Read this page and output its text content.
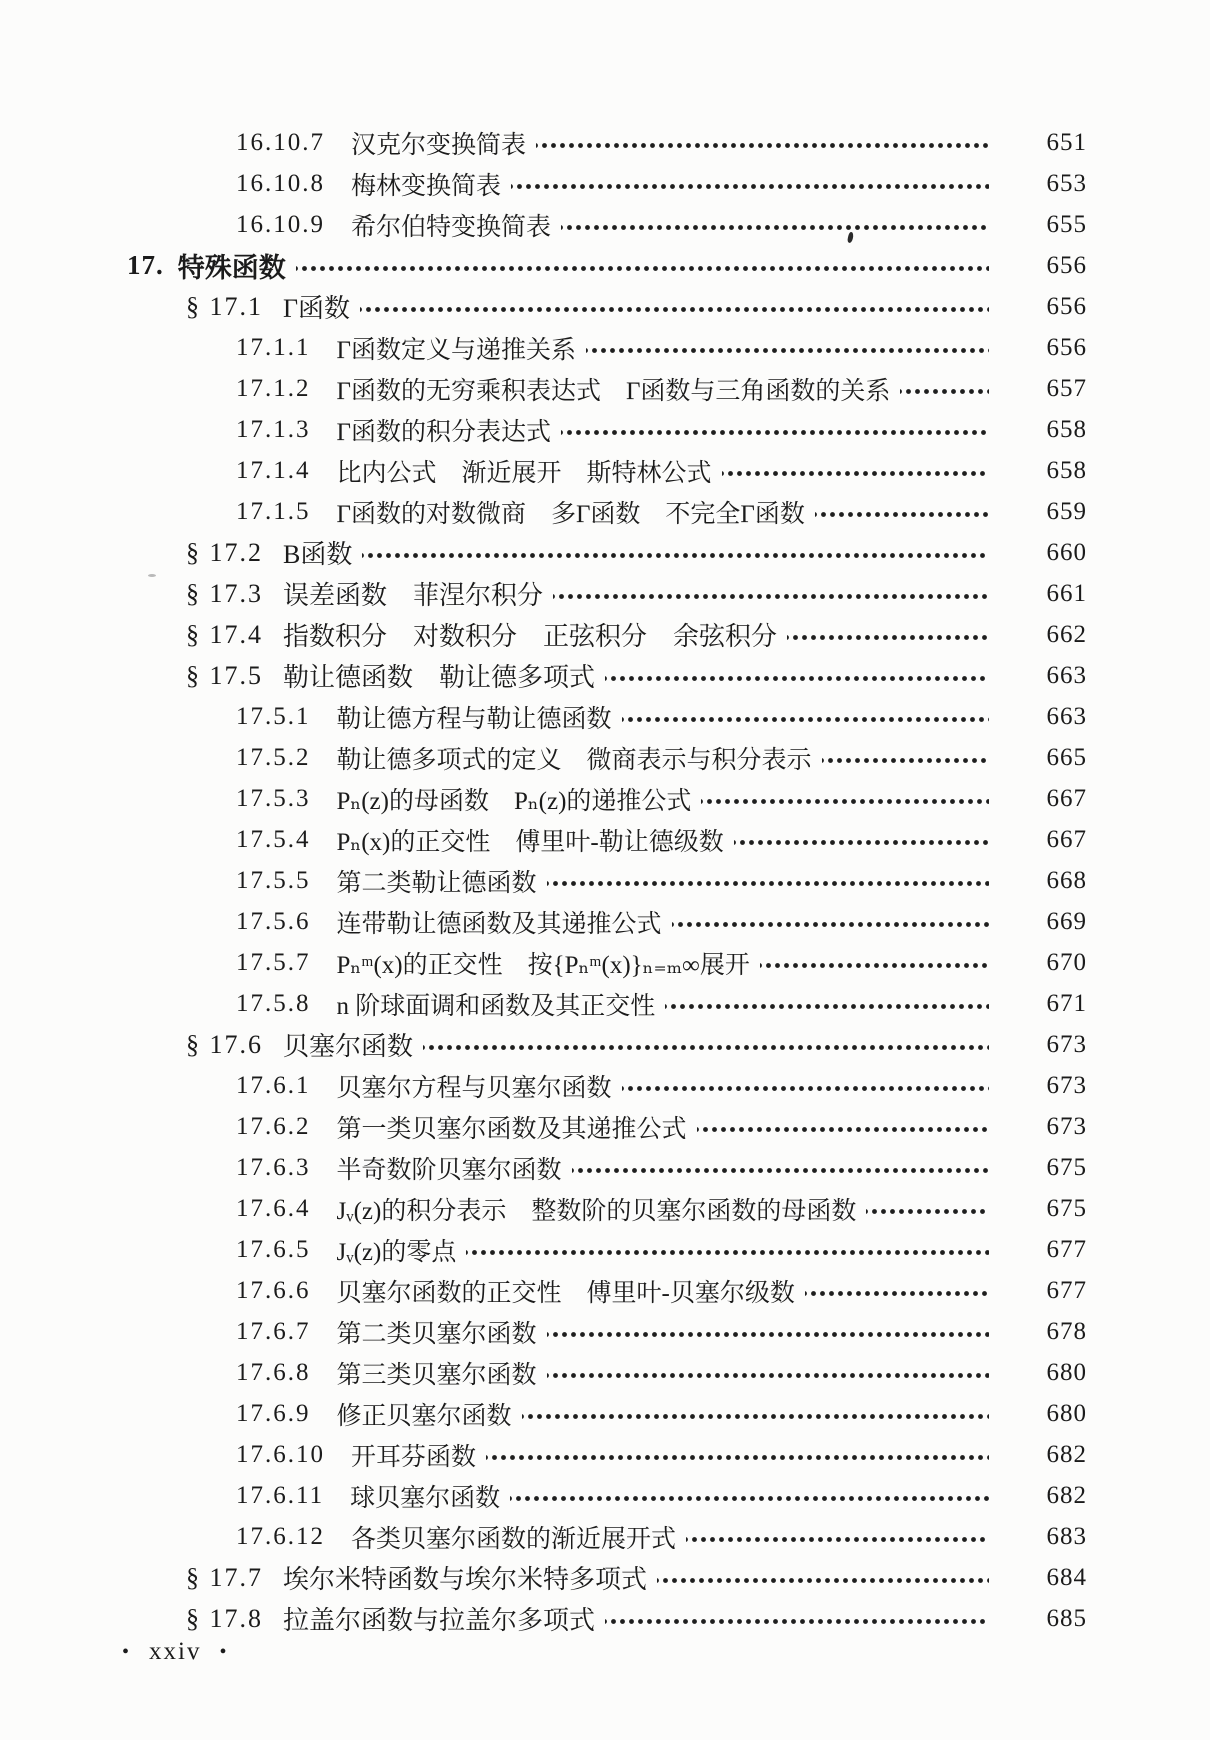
16.10.7 汉克尔变换简表	651
16.10.8 梅林变换简表	653
16.10.9 希尔伯特变换简表	655
17. 特殊函数	656
§ 17.1 Γ函数	656
17.1.1 Γ函数定义与递推关系	656
17.1.2 Γ函数的无穷乘积表达式　Γ函数与三角函数的关系	657
17.1.3 Γ函数的积分表达式	658
17.1.4 比内公式　渐近展开　斯特林公式	658
17.1.5 Γ函数的对数微商　多Γ函数　不完全Γ函数	659
§ 17.2 B函数	660
§ 17.3 误差函数　菲涅尔积分	661
§ 17.4 指数积分　对数积分　正弦积分　余弦积分	662
§ 17.5 勒让德函数　勒让德多项式	663
17.5.1 勒让德方程与勒让德函数	663
17.5.2 勒让德多项式的定义　微商表示与积分表示	665
17.5.3 Pₙ(z)的母函数　Pₙ(z)的递推公式	667
17.5.4 Pₙ(x)的正交性　傅里叶-勒让德级数	667
17.5.5 第二类勒让德函数	668
17.5.6 连带勒让德函数及其递推公式	669
17.5.7 Pₙᵐ(x)的正交性　按{Pₙᵐ(x)}ₙ₌ₘ∞展开	670
17.5.8 n 阶球面调和函数及其正交性	671
§ 17.6 贝塞尔函数	673
17.6.1 贝塞尔方程与贝塞尔函数	673
17.6.2 第一类贝塞尔函数及其递推公式	673
17.6.3 半奇数阶贝塞尔函数	675
17.6.4 Jᵥ(z)的积分表示　整数阶的贝塞尔函数的母函数	675
17.6.5 Jᵥ(z)的零点	677
17.6.6 贝塞尔函数的正交性　傅里叶-贝塞尔级数	677
17.6.7 第二类贝塞尔函数	678
17.6.8 第三类贝塞尔函数	680
17.6.9 修正贝塞尔函数	680
17.6.10 开耳芬函数	682
17.6.11 球贝塞尔函数	682
17.6.12 各类贝塞尔函数的渐近展开式	683
§ 17.7 埃尔米特函数与埃尔米特多项式	684
§ 17.8 拉盖尔函数与拉盖尔多项式	685
• xxiv •
